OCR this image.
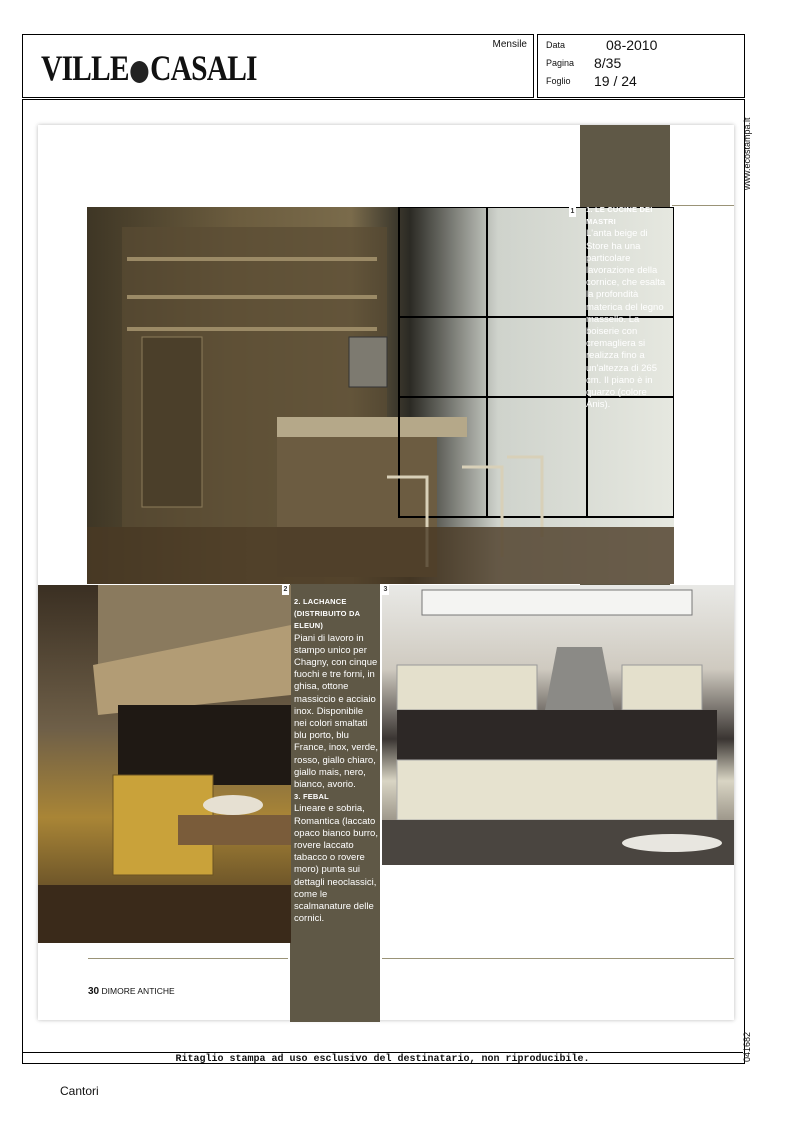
VILLE CASALI
Mensile Data	08-2010
Pagina 8/35
Foglio 19 / 24
www.ecostampa.it
041682
1
2	3
1. LE CUCINE DEI MASTRI
L'anta beige di Store ha una particolare lavorazione della cornice, che esalta la profondità materica del legno massello. La boiserie con cremagliera si realizza fino a un'altezza di 265 cm. Il piano è in quarzo (colore Anis).
2. LACHANCE (DISTRIBUITO DA ELEUN)
Piani di lavoro in stampo unico per Chagny, con cinque fuochi e tre forni, in ghisa, ottone massiccio e acciaio inox. Disponibile nei colori smaltati blu porto, blu France, inox, verde, rosso, giallo chiaro, giallo mais, nero, bianco, avorio.
3. FEBAL
Lineare e sobria, Romantica (laccato opaco bianco burro, rovere laccato tabacco o rovere moro) punta sui dettagli neoclassici, come le scalmanature delle cornici.
30 DIMORE ANTICHE
Ritaglio stampa ad uso esclusivo del destinatario, non riproducibile.
Cantori
